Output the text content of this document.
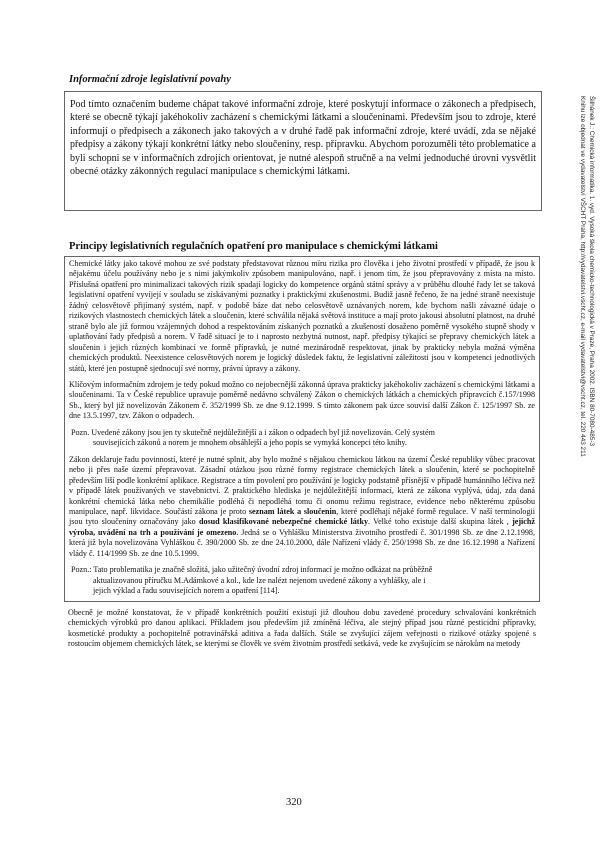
Informační zdroje legislativní povahy

Pod tímto označením budeme chápat takové informační zdroje, které poskytují informace o zákonech a předpisech, které se obecně týkají jakéhokoliv zacházení s chemickými látkami a sloučeninami. Především jsou to zdroje, které informují o předpisech a zákonech jako takových a v druhé řadě pak informační zdroje, které uvádí, zda se nějaké předpisy a zákony týkají konkrétní látky nebo sloučeniny, resp. přípravku. Abychom porozuměli této problematice a byli schopni se v informačních zdrojích orientovat, je nutné alespoň stručně a na velmi jednoduché úrovni vysvětlit obecné otázky zákonných regulací manipulace s chemickými látkami.

Principy legislativních regulačních opatření pro manipulace s chemickými látkami

Chemické látky jako takové mohou ze své podstaty představovat různou míru rizika pro člověka i jeho životní prostředí v případě, že jsou k nějakému účelu používány nebo je s nimi jakýmkoliv způsobem manipulováno, např. i jenom tím, že jsou přepravovány z místa na místo. Příslušná opatření pro minimalizaci takových rizik spadají logicky do kompetence orgánů státní správy a v průběhu dlouhé řady let se taková legislativní opatření vyvíjejí v souladu se získávanými poznatky i praktickými zkušenostmi. Budiž jasně řečeno, že na jedné straně neexistuje žádný celosvětově přijímaný systém, např. v podobě báze dat nebo celosvětově uznávaných norem, kde bychom našli závazné údaje o rizikových vlastnostech chemických látek a sloučenin, které schválila nějaká světová instituce a mají proto jakousi absolutní platnost, na druhé straně bylo ale již formou vzájemných dohod a respektováním získaných poznatků a zkušeností dosaženo poměrně vysokého stupně shody v uplatňování řady předpisů a norem. V řadě situací je to i naprosto nezbytná nutnost, např. předpisy týkající se přepravy chemických látek a sloučenin i jejich různých kombinací ve formě přípravků, je nutné mezinárodně respektovat, jinak by prakticky nebyla možná výměna chemických produktů. Neexistence celosvětových norem je logický důsledek faktu, že legislativní záležitosti jsou v kompetenci jednotlivých států, které jen postupně sjednocují své normy, právní úpravy a zákony.

Klíčovým informačním zdrojem je tedy pokud možno co nejobecnější zákonná úprava prakticky jakéhokoliv zacházení s chemickými látkami a sloučeninami. Ta v České republice upravuje poměrně nedávno schválený Zákon o chemických látkách a chemických přípravcích č.157/1998 Sb., který byl již novelizován Zákonem č. 352/1999 Sb. ze dne 9.12.1999. S tímto zákonem pak úzce souvisí další Zákon č. 125/1997 Sb. ze dne 13.5.1997, tzv. Zákon o odpadech.

Pozn. Uvedené zákony jsou jen ty skutečně nejdůležitější a i zákon o odpadech byl již novelizován. Celý systém
souvisejících zákonů a norem je mnohem obsáhlejší a jeho popis se vymyká koncepci této knihy.

Zákon deklaruje řadu povinností, které je nutné splnit, aby bylo možné s nějakou chemickou látkou na území České republiky vůbec pracovat nebo ji přes naše území přepravovat. Zásadní otázkou jsou různé formy registrace chemických látek a sloučenin, které se pochopitelně především liší podle konkrétní aplikace. Registrace a tím povolení pro používání je logicky podstatně přísnější v případě humánního léčiva než v případě látek používaných ve stavebnictví. Z praktického hlediska je nejdůležitější informací, která ze zákona vyplývá, údaj, zda daná konkrétní chemická látka nebo chemikálie podléhá či nepodléhá tomu či onomu režimu registrace, evidence nebo některému způsobu manipulace, např. likvidace. Součástí zákona je proto seznam látek a sloučenin, které podléhají nějaké formě regulace. V naší terminologii jsou tyto sloučeniny označovány jako dosud klasifikované nebezpečné chemické látky. Velké toho existuje další skupina látek , jejichž výroba, uvádění na trh a používání je omezeno. Jedná se o Vyhlášku Ministerstva životního prostředí č. 301/1998 Sb. ze dne 2.12.1998, která již byla novelizována Vyhláškou č. 390/2000 Sb. ze dne 24.10.2000, dále Nařízení vlády č. 250/1998 Sb. ze dne 16.12.1998 a Nařízení vlády č. 114/1999 Sb. ze dne 10.5.1999.

Pozn.: Tato problematika je značně složitá, jako užitečný úvodní zdroj informací je možno odkázat na průběžně
aktualizovanou příručku M.Adámkové a kol., kde lze nalézt nejenom uvedené zákony a vyhlášky, ale i
jejich výklad a řadu souvisejících norem a opatření [114].

Obecně je možné konstatovat, že v případě konkrétních použití existují již dlouhou dobu zavedené procedury schvalování konkrétních chemických výrobků pro danou aplikaci. Příkladem jsou především již zmíněná léčiva, ale stejný případ jsou různé pesticidní přípravky, kosmetické produkty a pochopitelně potravinářská aditiva a řada dalších. Stále se zvyšující zájem veřejnosti o rizikové otázky spojené s rostoucím objemem chemických látek, se kterými se člověk ve svém životním prostředí setkává, vede ke zvyšujícím se nárokům na metody

320
Šilhánek J.: Chemická informatika. 1. vyd. Vysoká škola chemicko-technologická v Praze, Praha 2002. ISBN 80-7080-485-3
Knihu lze objednat ve vydavatelství VŠCHT Praha, http://vydavatelstvi.vscht.cz, e-mail vydavatelstvi@vscht.cz, tel. 220 443 211
